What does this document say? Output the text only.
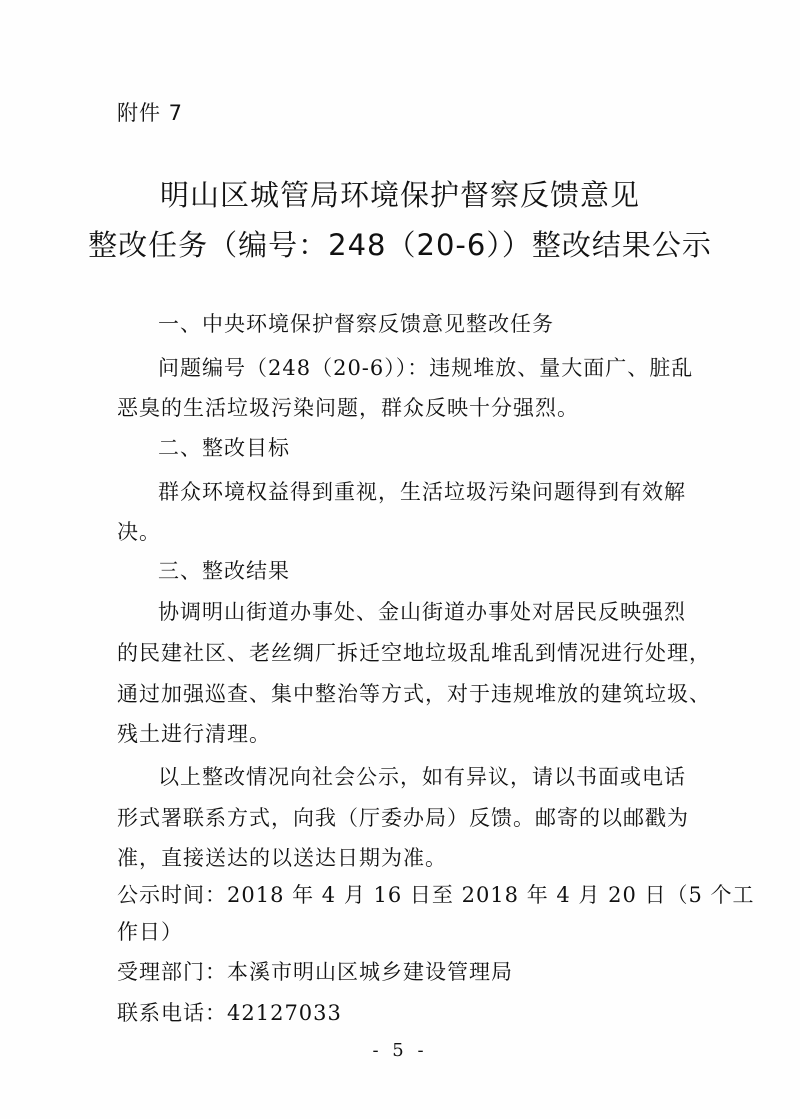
附件 7
明山区城管局环境保护督察反馈意见
整改任务（编号：248（20-6））整改结果公示
一、中央环境保护督察反馈意见整改任务
问题编号（248（20-6））：违规堆放、量大面广、脏乱
恶臭的生活垃圾污染问题，群众反映十分强烈。
二、整改目标
群众环境权益得到重视，生活垃圾污染问题得到有效解
决。
三、整改结果
协调明山街道办事处、金山街道办事处对居民反映强烈
的民建社区、老丝绸厂拆迁空地垃圾乱堆乱到情况进行处理，
通过加强巡查、集中整治等方式，对于违规堆放的建筑垃圾、
残土进行清理。
以上整改情况向社会公示，如有异议，请以书面或电话
形式署联系方式，向我（厅委办局）反馈。邮寄的以邮戳为
准，直接送达的以送达日期为准。
公示时间：2018 年 4 月 16 日至 2018 年 4 月 20 日（5 个工
作日）
受理部门：本溪市明山区城乡建设管理局
联系电话：42127033
- 5 -
